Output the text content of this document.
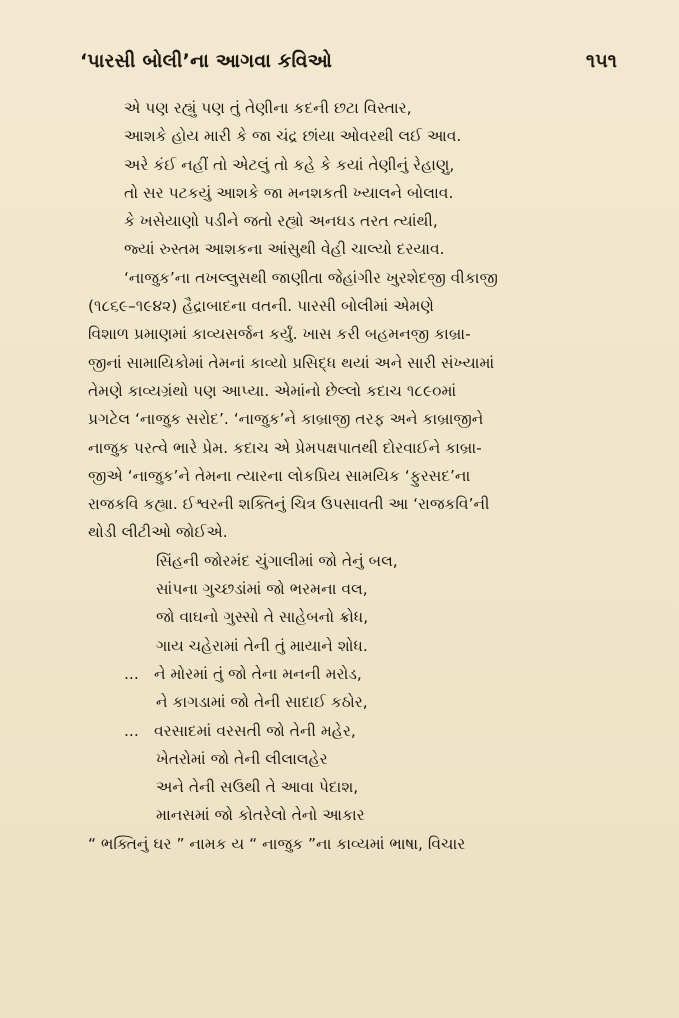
‘પારસી બોલી’ના આગવા કવિઓ	૧૫૧
એ પણ રહ્યું પણ તું તેણીના કદની છટા વિસ્તાર,
આશકે હોય મારી કે જા ચંદ્ર છાંયા ઓવરથી લઈ આવ.
અરે કંઈ નહીં તો એટલું તો કહે કે કયાં તેણીનું રેહાણુ,
તો સર પટકયું આશકે જા મનશકતી ખ્યાલને બોલાવ.
કે ખસેયાણો પડીને જતો રહ્યો અનઘડ તરત ત્યાંથી,
જ્યાં રુસ્તમ આશકના આંસુથી વેહી ચાલ્યો દરયાવ.
‘નાજુક’ના તખલ્લુસથી જાણીતા જેહાંગીર ખુરશેદજી વીકાજી
(૧૮૬૯–૧૯૪૨) હૈદ્રાબાદના વતની. પારસી બોલીમાં એમણે
વિશાળ પ્રમાણમાં કાવ્યસર્જન કર્યું. ખાસ કરી બહમનજી કાબ્રા-
જીનાં સામાયિકોમાં તેમનાં કાવ્યો પ્રસિદ્ધ થયાં અને સારી સંખ્યામાં
તેમણે કાવ્યગ્રંથો પણ આપ્યા. એમાંનો છેલ્લો કદાચ ૧૮૯૦માં
પ્રગટેલ ‘નાજુક સરોદ’. ‘નાજુક’ને કાબ્રાજી તરફ અને કાબ્રાજીને
નાજુક પરત્વે ભારે પ્રેમ. કદાચ એ પ્રેમપક્ષપાતથી દોરવાઈને કાબ્રા-
જીએ ‘નાજુક’ને તેમના ત્યારના લોકપ્રિય સામયિક ‘ફુરસદ’ના
રાજકવિ કહ્યા. ઈશ્વરની શક્તિનું ચિત્ર ઉપસાવતી આ ‘રાજકવિ’ની
થોડી લીટીઓ જોઈએ.
સિંહની જોરમંદ ચુંગાલીમાં જો તેનું બલ,
સાંપના ગુચ્છડાંમાં જો ભરમના વલ,
જો વાઘનો ગુસ્સો તે સાહેબનો ક્રોધ,
ગાય ચહેરામાં તેની તું માયાને શોધ.
... ને મોરમાં તું જો તેના મનની મરોડ,
ને કાગડામાં જો તેની સાદાઈ કઠોર,
... વરસાદમાં વરસતી જો તેની મહેર,
ખેતરોમાં જો તેની લીલાલહેર
અને તેની સઉથી તે આવા પેદાશ,
માનસમાં જો કોતરેલો તેનો આકાર
“ ભક્તિનું ઘર ” નામક ય “ નાજુક ”ના કાવ્યમાં ભાષા, વિચાર
